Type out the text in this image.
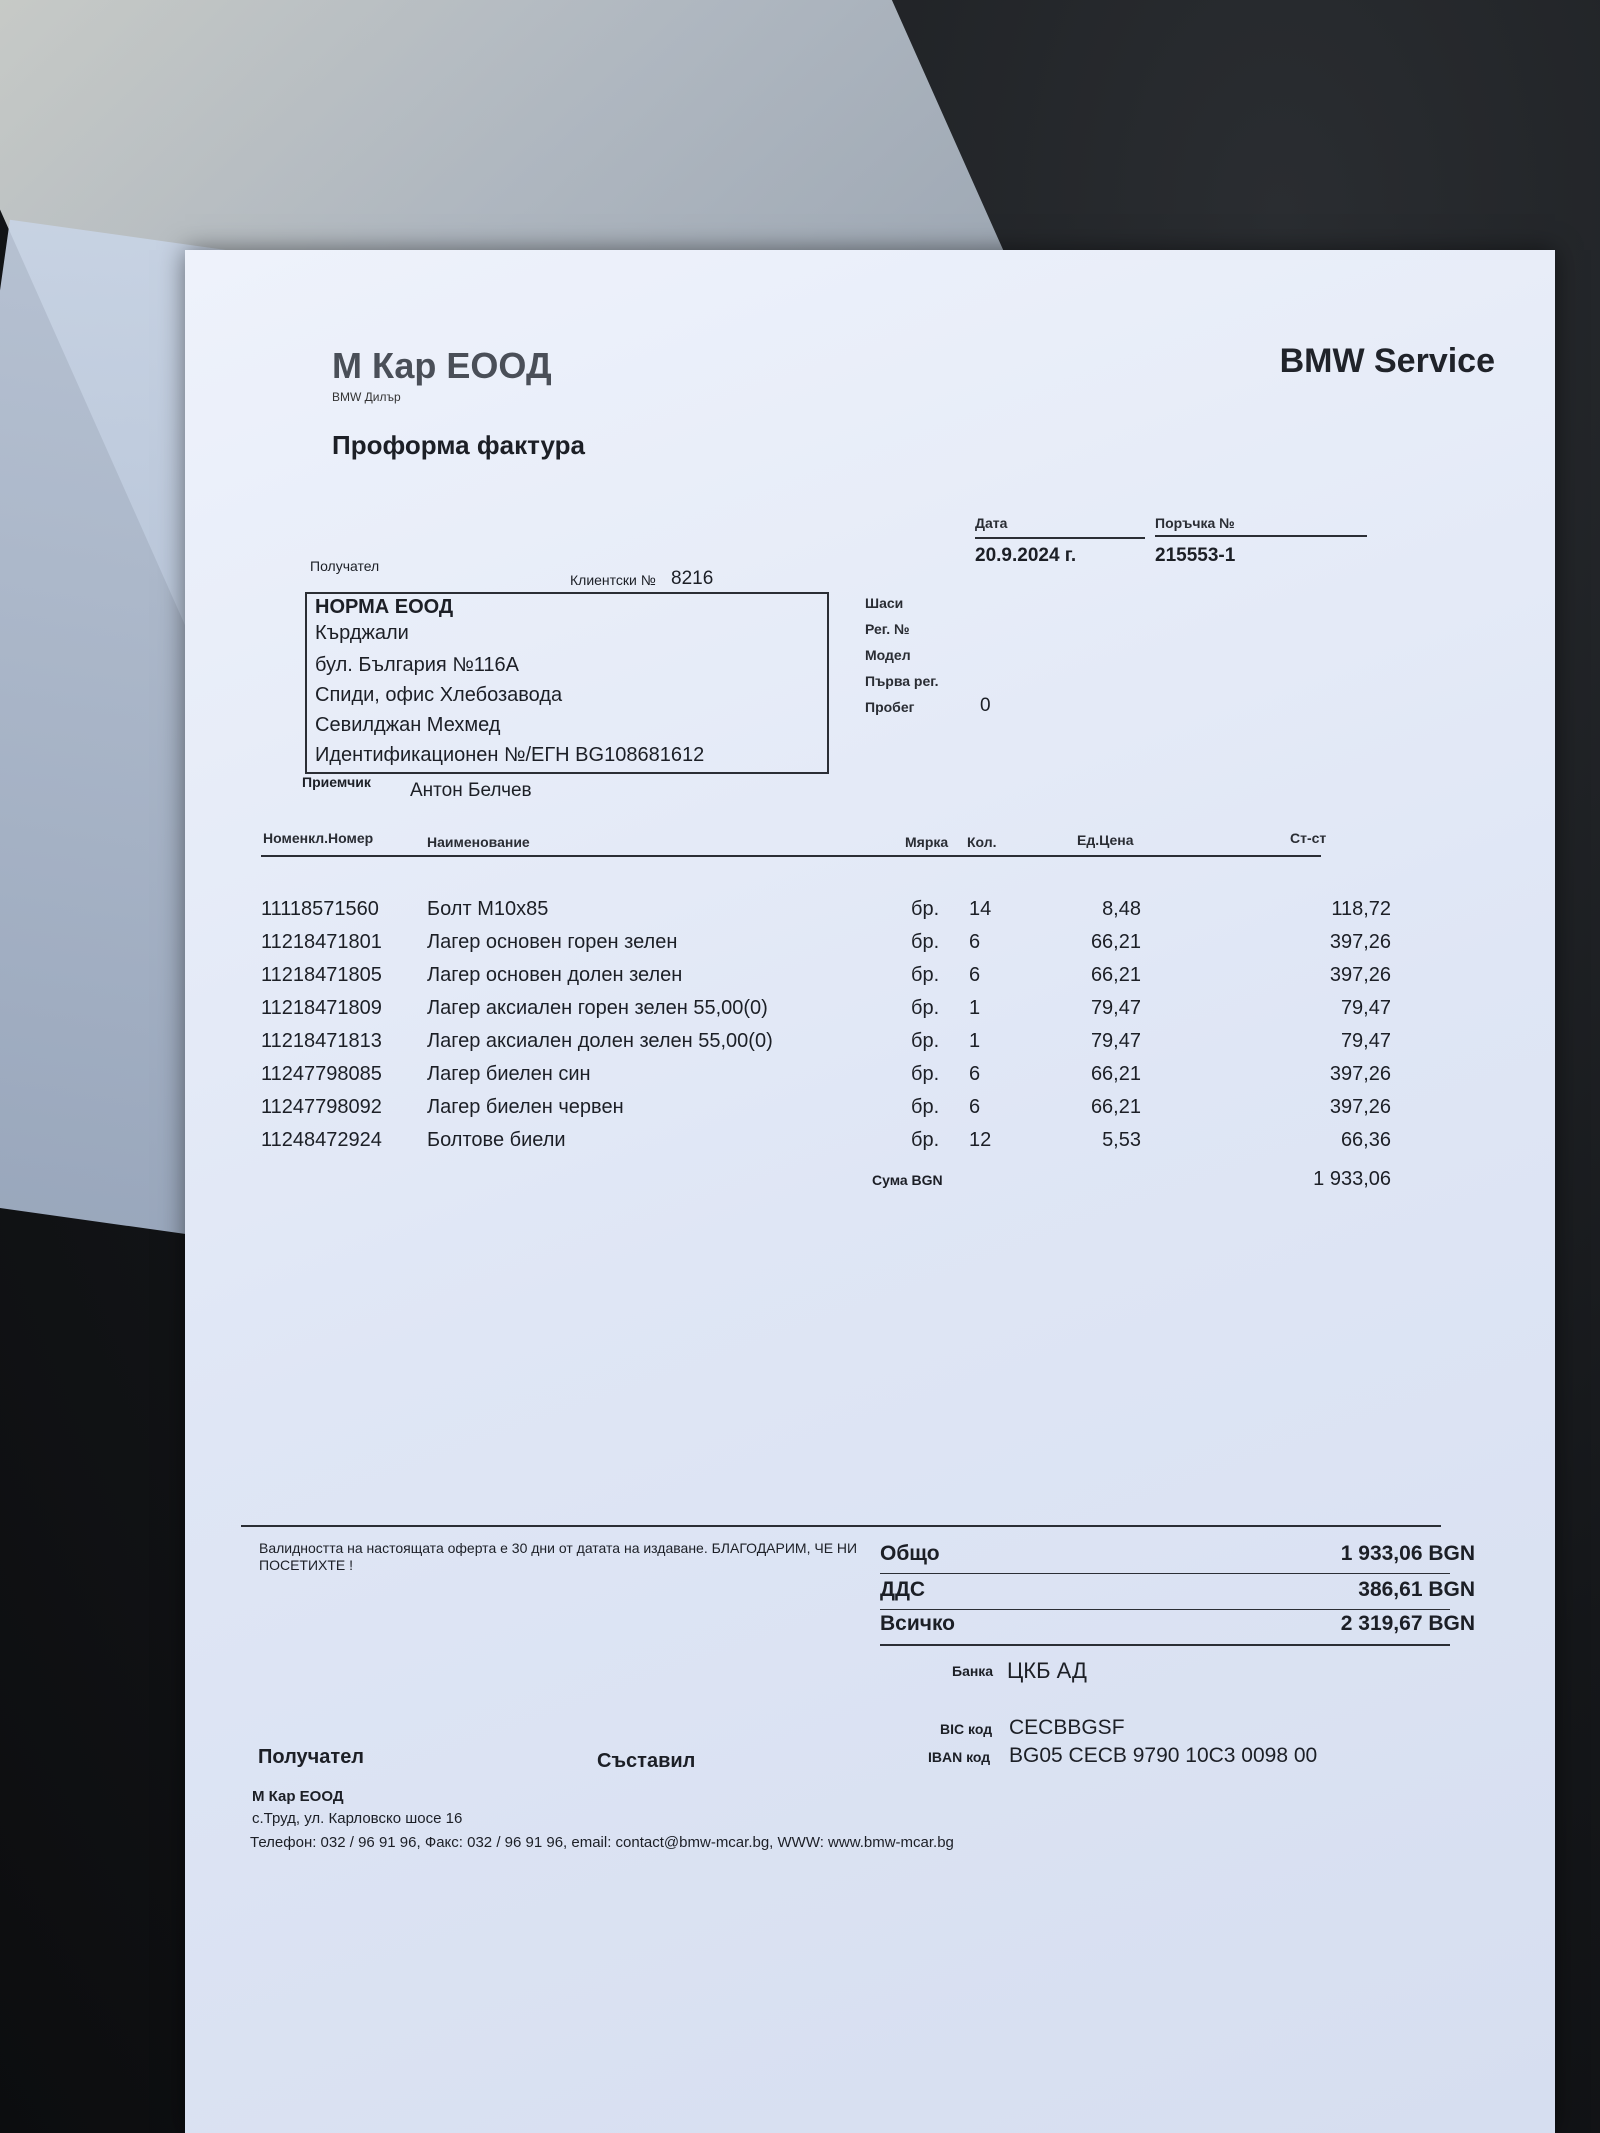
М Кар ЕООД
BMW Дилър
BMW Service
Проформа фактура
Дата
20.9.2024 г.
Поръчка №
215553-1
Получател
Клиентски № 8216
НОРМА ЕООД
Кърджали
бул. България №116А
Спиди, офис Хлебозавода
Севилджан Мехмед
Идентификационен №/ЕГН BG108681612
Приемчик Антон Белчев
Шаси
Рег. №
Модел
Първа рег.
Пробег	0
Номенкл.Номер	Наименование	Мярка Кол.	Ед.Цена	Ст-ст
11118571560 Болт М10х85	бр. 14	8,48	118,72
11218471801 Лагер основен горен зелен	бр. 6	66,21	397,26
11218471805 Лагер основен долен зелен	бр. 6	66,21	397,26
11218471809 Лагер аксиален горен зелен 55,00(0)	бр. 1	79,47	79,47
11218471813 Лагер аксиален долен зелен 55,00(0)	бр. 1	79,47	79,47
11247798085 Лагер биелен син	бр. 6	66,21	397,26
11247798092 Лагер биелен червен	бр. 6	66,21	397,26
11248472924 Болтове биели	бр. 12	5,53	66,36
Сума BGN	1 933,06
Валидността на настоящата оферта е 30 дни от датата на издаване. БЛАГОДАРИМ, ЧЕ НИ ПОСЕТИХТЕ !	Общо	1 933,06 BGN
ДДС	386,61 BGN
Всичко	2 319,67 BGN
Банка ЦКБ АД
BIC код CECBBGSF
IBAN код BG05 CECB 9790 10C3 0098 00
Получател	Съставил
М Кар ЕООД
с.Труд, ул. Карловско шосе 16
Телефон: 032 / 96 91 96, Факс: 032 / 96 91 96, email: contact@bmw-mcar.bg, WWW: www.bmw-mcar.bg
